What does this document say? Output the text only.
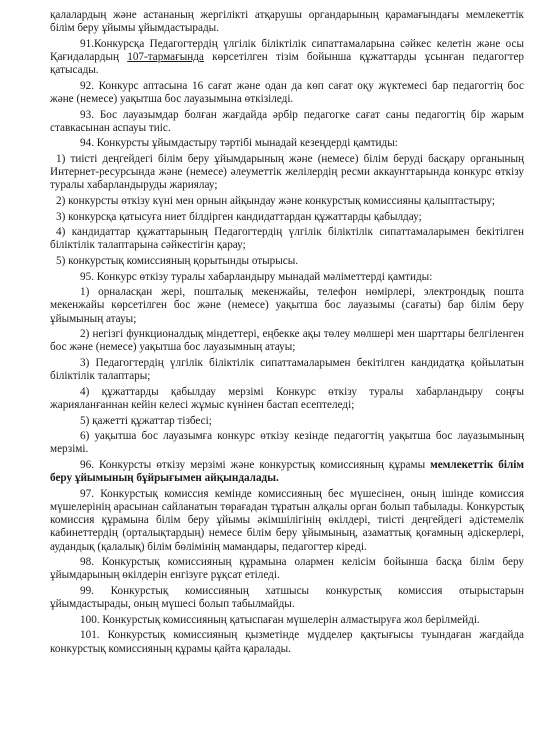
қалалардың және астананың жергілікті атқарушы органдарының қарамағындағы мемлекеттік білім беру ұйымы ұйымдастырады.

91.Конкурсқа Педагогтердің үлгілік біліктілік сипаттамаларына сәйкес келетін және осы Қағидалардың 107-тармағында көрсетілген тізім бойынша құжаттарды ұсынған педагогтер қатысады.

92. Конкурс аптасына 16 сағат және одан да көп сағат оқу жүктемесі бар педагогтің бос және (немесе) уақытша бос лауазымына өткізіледі.

93. Бос лауазымдар болған жағдайда әрбір педагогке сағат саны педагогтің бір жарым ставкасынан аспауы тиіс.

94. Конкурсты ұйымдастыру тәртібі мынадай кезеңдерді қамтиды:

1) тиісті деңгейдегі білім беру ұйымдарының және (немесе) білім беруді басқару органының Интернет-ресурсында және (немесе) әлеуметтік желілердің ресми аккаунттарында конкурс өткізу туралы хабарландыруды жариялау;

2) конкурсты өткізу күні мен орнын айқындау және конкурстық комиссияны қалыптастыру;

3) конкурсқа қатысуға ниет білдірген кандидаттардан құжаттарды қабылдау;

4) кандидаттар құжаттарының Педагогтердің үлгілік біліктілік сипаттамаларымен бекітілген біліктілік талаптарына сәйкестігін қарау;

5) конкурстық комиссияның қорытынды отырысы.

95. Конкурс өткізу туралы хабарландыру мынадай мәліметтерді қамтиды:

1) орналасқан жері, пошталық мекенжайы, телефон нөмірлері, электрондық пошта мекенжайы көрсетілген бос және (немесе) уақытша бос лауазымы (сағаты) бар білім беру ұйымының атауы;

2) негізгі функционалдық міндеттері, еңбекке ақы төлеу мөлшері мен шарттары белгіленген бос және (немесе) уақытша бос лауазымның атауы;

3) Педагогтердің үлгілік біліктілік сипаттамаларымен бекітілген кандидатқа қойылатын біліктілік талаптары;

4) құжаттарды қабылдау мерзімі Конкурс өткізу туралы хабарландыру соңғы жарияланғаннан кейін келесі жұмыс күнінен бастап есептеледі;

5) қажетті құжаттар тізбесі;

6) уақытша бос лауазымға конкурс өткізу кезінде педагогтің уақытша бос лауазымының мерзімі.

96. Конкурсты өткізу мерзімі және конкурстық комиссияның құрамы мемлекеттік білім беру ұйымының бұйрығымен айқындалады.

97. Конкурстық комиссия кемінде комиссияның бес мүшесінен, оның ішінде комиссия мүшелерінің арасынан сайланатын төрағадан тұратын алқалы орган болып табылады. Конкурстық комиссия құрамына білім беру ұйымы әкімшілігінің өкілдері, тиісті деңгейдегі әдістемелік кабинеттердің (орталықтардың) немесе білім беру ұйымының, азаматтық қоғамның әдіскерлері, аудандық (қалалық) білім бөлімінің мамандары, педагогтер кіреді.

98. Конкурстық комиссияның құрамына олармен келісім бойынша басқа білім беру ұйымдарының өкілдерін енгізуге рұқсат етіледі.

99. Конкурстық комиссияның хатшысы конкурстық комиссия отырыстарын ұйымдастырады, оның мүшесі болып табылмайды.

100. Конкурстық комиссияның қатыспаған мүшелерін алмастыруға жол берілмейді.

101. Конкурстық комиссияның қызметінде мүдделер қақтығысы туындаған жағдайда конкурстық комиссияның құрамы қайта қаралады.
